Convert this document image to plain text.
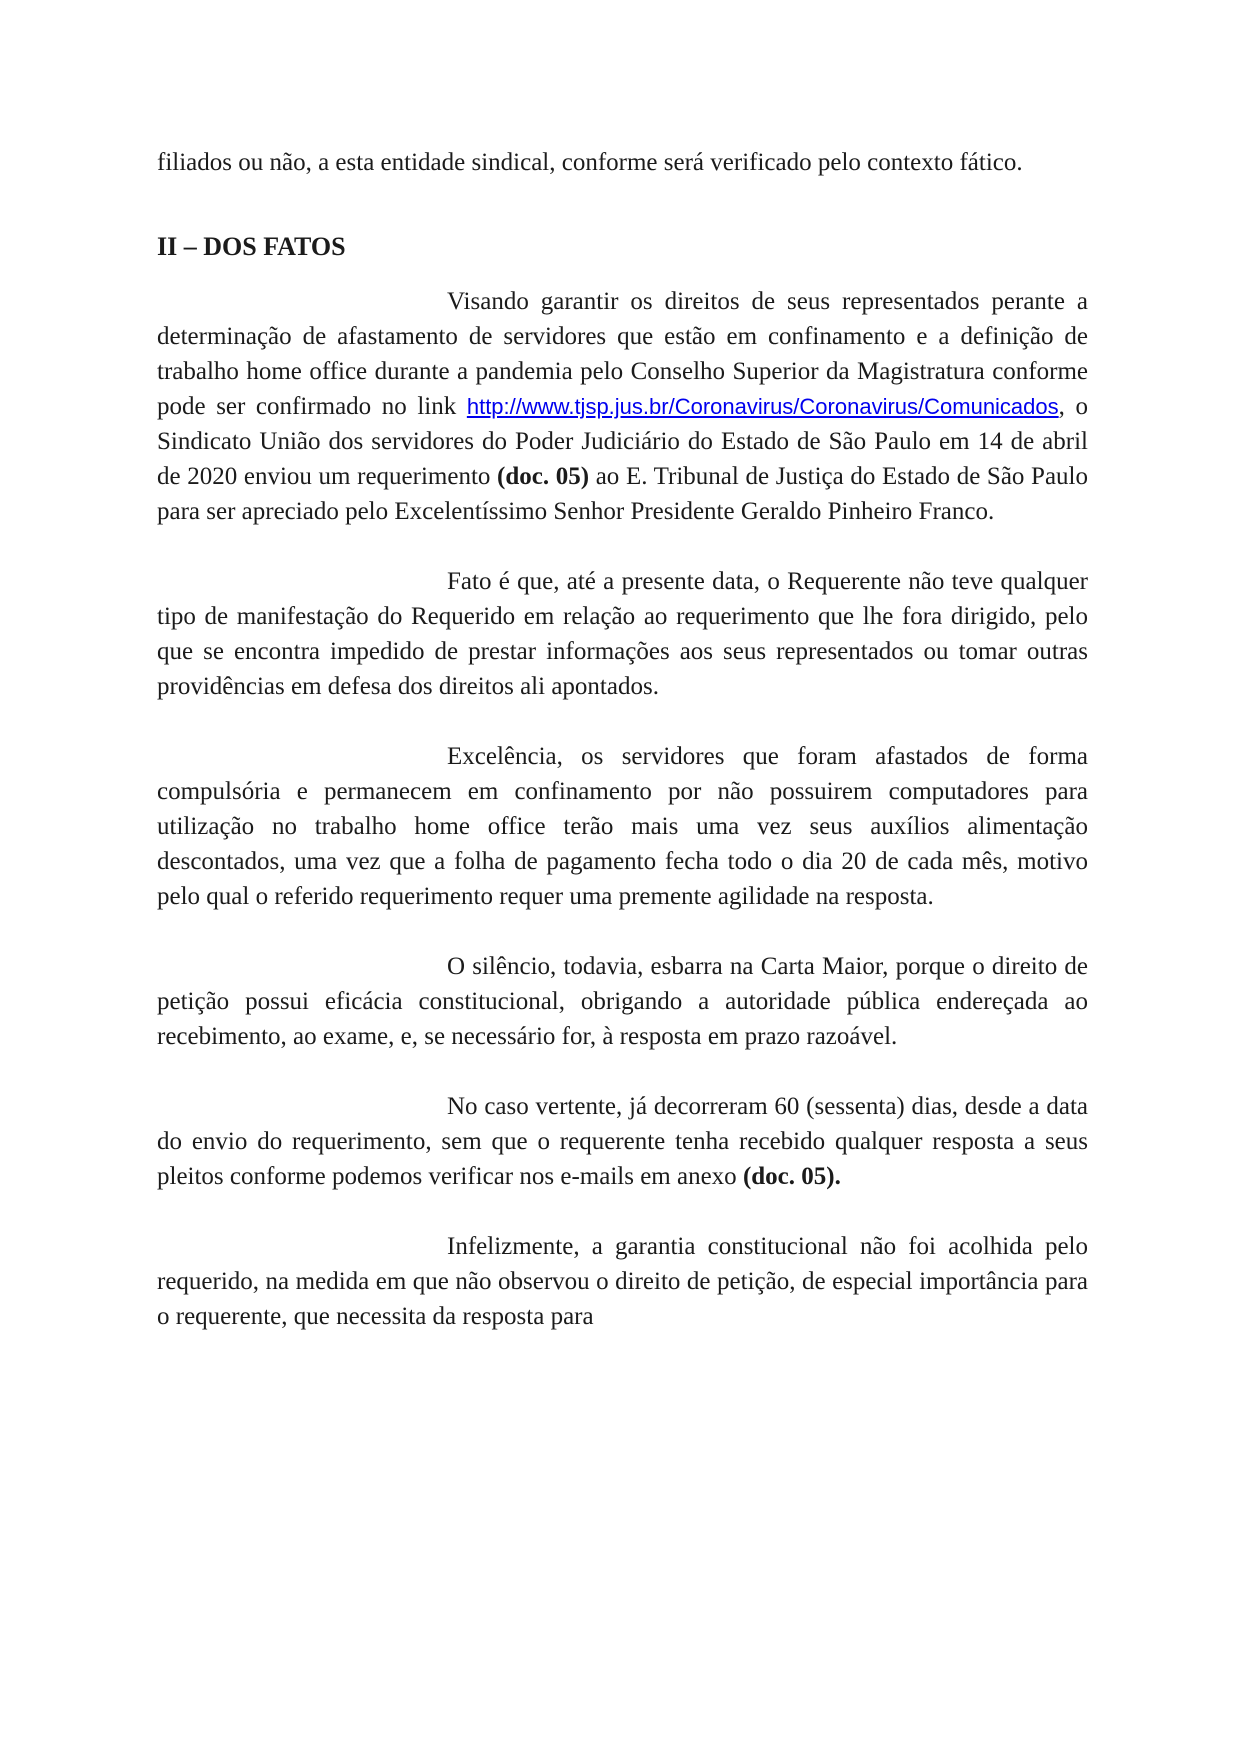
filiados ou não, a esta entidade sindical, conforme será verificado pelo contexto fático.

II – DOS FATOS

Visando garantir os direitos de seus representados perante a determinação de afastamento de servidores que estão em confinamento e a definição de trabalho home office durante a pandemia pelo Conselho Superior da Magistratura conforme pode ser confirmado no link http://www.tjsp.jus.br/Coronavirus/Coronavirus/Comunicados, o Sindicato União dos servidores do Poder Judiciário do Estado de São Paulo em 14 de abril de 2020 enviou um requerimento (doc. 05) ao E. Tribunal de Justiça do Estado de São Paulo para ser apreciado pelo Excelentíssimo Senhor Presidente Geraldo Pinheiro Franco.

Fato é que, até a presente data, o Requerente não teve qualquer tipo de manifestação do Requerido em relação ao requerimento que lhe fora dirigido, pelo que se encontra impedido de prestar informações aos seus representados ou tomar outras providências em defesa dos direitos ali apontados.

Excelência, os servidores que foram afastados de forma compulsória e permanecem em confinamento por não possuirem computadores para utilização no trabalho home office terão mais uma vez seus auxílios alimentação descontados, uma vez que a folha de pagamento fecha todo o dia 20 de cada mês, motivo pelo qual o referido requerimento requer uma premente agilidade na resposta.

O silêncio, todavia, esbarra na Carta Maior, porque o direito de petição possui eficácia constitucional, obrigando a autoridade pública endereçada ao recebimento, ao exame, e, se necessário for, à resposta em prazo razoável.

No caso vertente, já decorreram 60 (sessenta) dias, desde a data do envio do requerimento, sem que o requerente tenha recebido qualquer resposta a seus pleitos conforme podemos verificar nos e-mails em anexo (doc. 05).

Infelizmente, a garantia constitucional não foi acolhida pelo requerido, na medida em que não observou o direito de petição, de especial importância para o requerente, que necessita da resposta para
